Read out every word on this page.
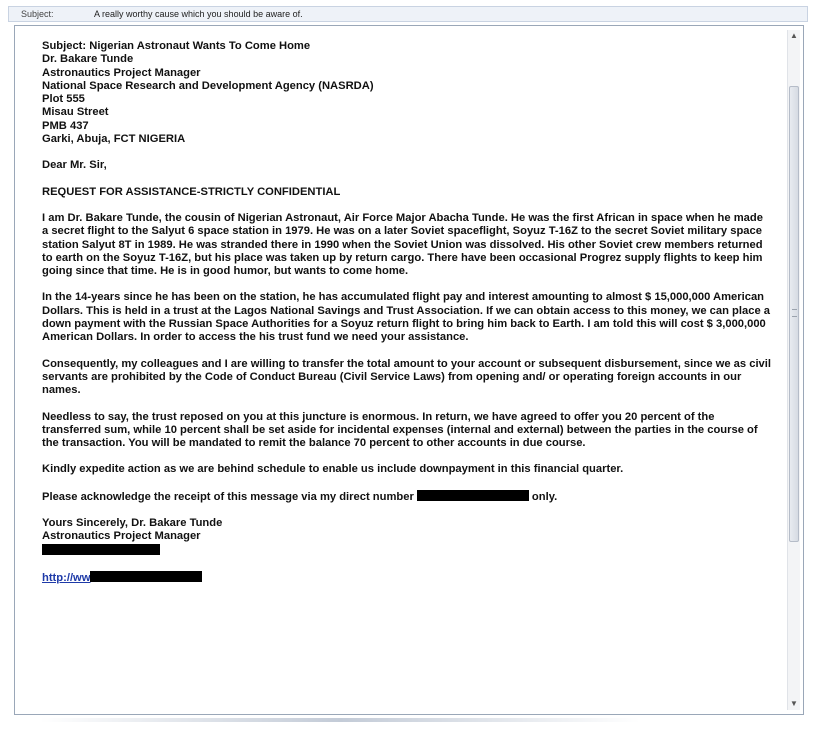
Subject:	A really worthy cause which you should be aware of.

Subject: Nigerian Astronaut Wants To Come Home

Dr. Bakare Tunde

Astronautics Project Manager

National Space Research and Development Agency (NASRDA)

Plot 555

Misau Street

PMB 437

Garki, Abuja, FCT NIGERIA

Dear Mr. Sir,

REQUEST FOR ASSISTANCE-STRICTLY CONFIDENTIAL

I am Dr. Bakare Tunde, the cousin of Nigerian Astronaut, Air Force Major Abacha Tunde. He was the first African in space when he made a secret flight to the Salyut 6 space station in 1979. He was on a later Soviet spaceflight, Soyuz T-16Z to the secret Soviet military space station Salyut 8T in 1989. He was stranded there in 1990 when the Soviet Union was dissolved. His other Soviet crew members returned to earth on the Soyuz T-16Z, but his place was taken up by return cargo. There have been occasional Progrez supply flights to keep him going since that time. He is in good humor, but wants to come home.

In the 14-years since he has been on the station, he has accumulated flight pay and interest amounting to almost $ 15,000,000 American Dollars. This is held in a trust at the Lagos National Savings and Trust Association. If we can obtain access to this money, we can place a down payment with the Russian Space Authorities for a Soyuz return flight to bring him back to Earth. I am told this will cost $ 3,000,000 American Dollars. In order to access the his trust fund we need your assistance.

Consequently, my colleagues and I are willing to transfer the total amount to your account or subsequent disbursement, since we as civil servants are prohibited by the Code of Conduct Bureau (Civil Service Laws) from opening and/ or operating foreign accounts in our names.

Needless to say, the trust reposed on you at this juncture is enormous. In return, we have agreed to offer you 20 percent of the transferred sum, while 10 percent shall be set aside for incidental expenses (internal and external) between the parties in the course of the transaction. You will be mandated to remit the balance 70 percent to other accounts in due course.

Kindly expedite action as we are behind schedule to enable us include downpayment in this financial quarter.

Please acknowledge the receipt of this message via my direct number	only.

Yours Sincerely, Dr. Bakare Tunde

Astronautics Project Manager

http://ww

▲
▼
